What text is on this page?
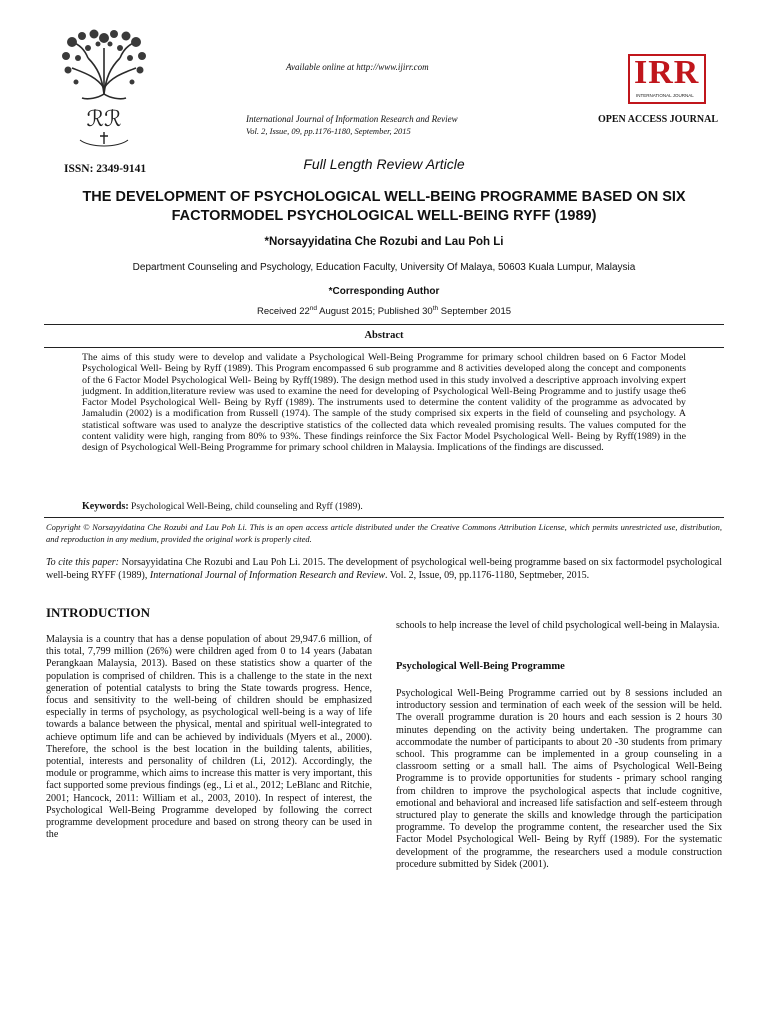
ℛℛ
Available online at http://www.ijirr.com
International Journal of Information Research and Review
Vol. 2, Issue, 09, pp.1176-1180, September, 2015
IRR
INTERNATIONAL JOURNAL
OPEN ACCESS JOURNAL
ISSN: 2349-9141	Full Length Review Article
THE DEVELOPMENT OF PSYCHOLOGICAL WELL-BEING PROGRAMME BASED ON SIX FACTORMODEL PSYCHOLOGICAL WELL-BEING RYFF (1989)
*Norsayyidatina Che Rozubi and Lau Poh Li
Department Counseling and Psychology, Education Faculty, University Of Malaya, 50603 Kuala Lumpur, Malaysia
*Corresponding Author
Received 22nd August 2015; Published 30th September 2015
Abstract
The aims of this study were to develop and validate a Psychological Well-Being Programme for primary school children based on 6 Factor Model Psychological Well- Being by Ryff (1989). This Program encompassed 6 sub programme and 8 activities developed along the concept and components of the 6 Factor Model Psychological Well- Being by Ryff(1989). The design method used in this study involved a descriptive approach involving expert judgment. In addition,literature review was used to examine the need for developing of Psychological Well-Being Programme and to justify usage the6 Factor Model Psychological Well- Being by Ryff (1989). The instruments used to determine the content validity of the programme as advocated by Jamaludin (2002) is a modification from Russell (1974). The sample of the study comprised six experts in the field of counseling and psychology. A statistical software was used to analyze the descriptive statistics of the collected data which revealed promising results. The values computed for the content validity were high, ranging from 80% to 93%. These findings reinforce the Six Factor Model Psychological Well- Being by Ryff(1989) in the design of Psychological Well-Being Programme for primary school children in Malaysia. Implications of the findings are discussed.
Keywords: Psychological Well-Being, child counseling and Ryff (1989).
Copyright © Norsayyidatina Che Rozubi and Lau Poh Li. This is an open access article distributed under the Creative Commons Attribution License, which permits unrestricted use, distribution, and reproduction in any medium, provided the original work is properly cited.
To cite this paper: Norsayyidatina Che Rozubi and Lau Poh Li. 2015. The development of psychological well-being programme based on six factormodel psychological well-being RYFF (1989), International Journal of Information Research and Review. Vol. 2, Issue, 09, pp.1176-1180, Septmeber, 2015.
INTRODUCTION
Malaysia is a country that has a dense population of about 29,947.6 million, of this total, 7,799 million (26%) were children aged from 0 to 14 years (Jabatan Perangkaan Malaysia, 2013). Based on these statistics show a quarter of the population is comprised of children. This is a challenge to the state in the next generation of potential catalysts to bring the State towards progress. Hence, focus and sensitivity to the well-being of children should be emphasized especially in terms of psychology, as psychological well-being is a way of life towards a balance between the physical, mental and spiritual well-integrated to achieve optimum life and can be achieved by individuals (Myers et al., 2000). Therefore, the school is the best location in the building talents, abilities, potential, interests and personality of children (Li, 2012). Accordingly, the module or programme, which aims to increase this matter is very important, this fact supported some previous findings (eg., Li et al., 2012; LeBlanc and Ritchie, 2001; Hancock, 2011: William et al., 2003, 2010). In respect of interest, the Psychological Well-Being Programme developed by following the correct programme development procedure and based on strong theory can be used in the
schools to help increase the level of child psychological well-being in Malaysia.
Psychological Well-Being Programme
Psychological Well-Being Programme carried out by 8 sessions included an introductory session and termination of each week of the session will be held. The overall programme duration is 20 hours and each session is 2 hours 30 minutes depending on the activity being undertaken. The programme can accommodate the number of participants to about 20 -30 students from primary school. This programme can be implemented in a group counseling in a classroom setting or a small hall. The aims of Psychological Well-Being Programme is to provide opportunities for students - primary school ranging from children to improve the psychological aspects that include cognitive, emotional and behavioral and increased life satisfaction and self-esteem through structured play to generate the skills and knowledge through the participation programme. To develop the programme content, the researcher used the Six Factor Model Psychological Well- Being by Ryff (1989). For the systematic development of the programme, the researchers used a module construction procedure submitted by Sidek (2001).
